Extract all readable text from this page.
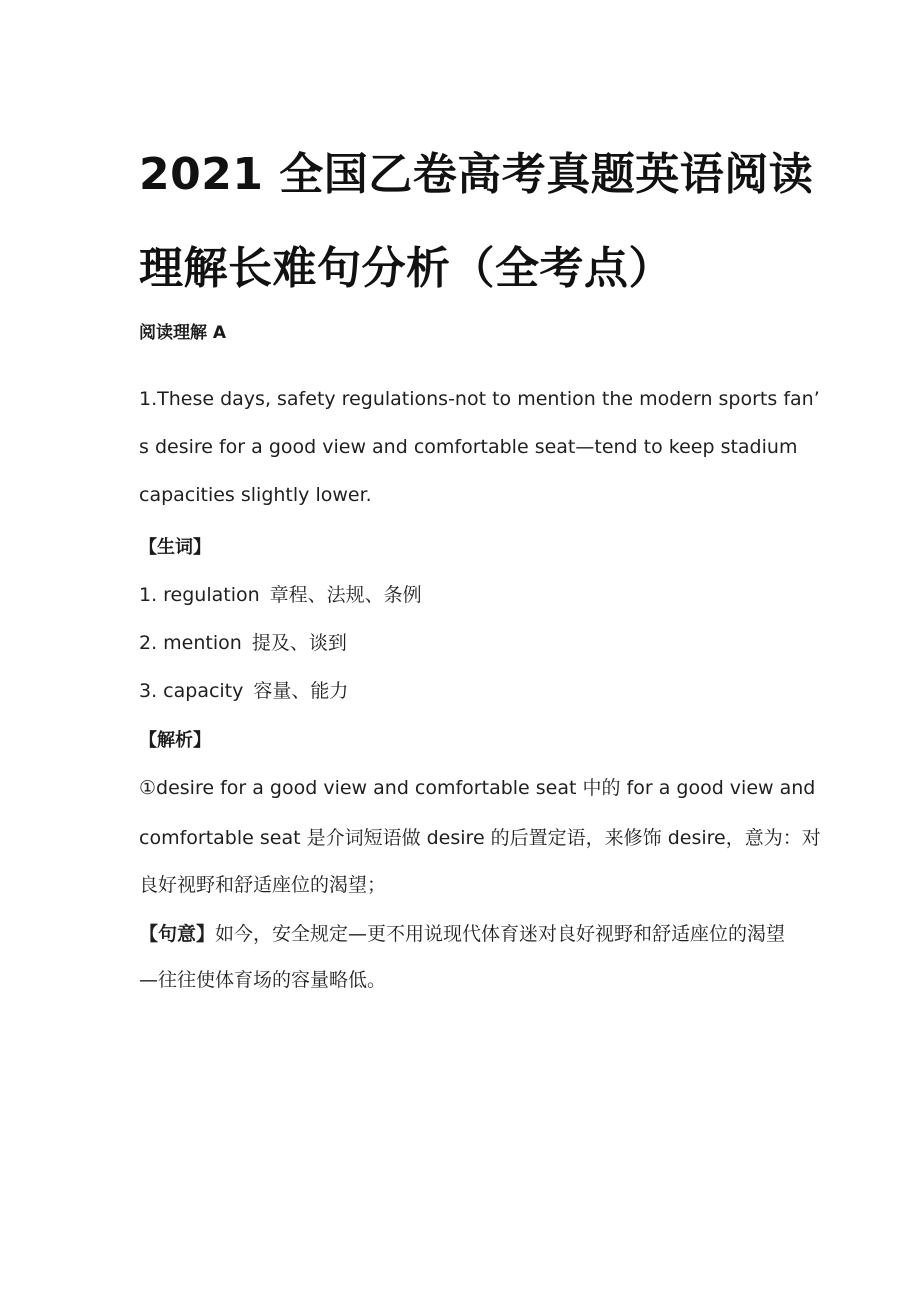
2021 全国乙卷高考真题英语阅读
理解长难句分析（全考点）
阅读理解 A
1.These days, safety regulations-not to mention the modern sports fan’
s desire for a good view and comfortable seat—tend to keep stadium
capacities slightly lower.
【生词】
1. regulation 章程、法规、条例
2. mention 提及、谈到
3. capacity 容量、能力
【解析】
①desire for a good view and comfortable seat 中的 for a good view and
comfortable seat 是介词短语做 desire 的后置定语，来修饰 desire，意为：对
良好视野和舒适座位的渴望；
【句意】如今，安全规定—更不用说现代体育迷对良好视野和舒适座位的渴望
—往往使体育场的容量略低。
